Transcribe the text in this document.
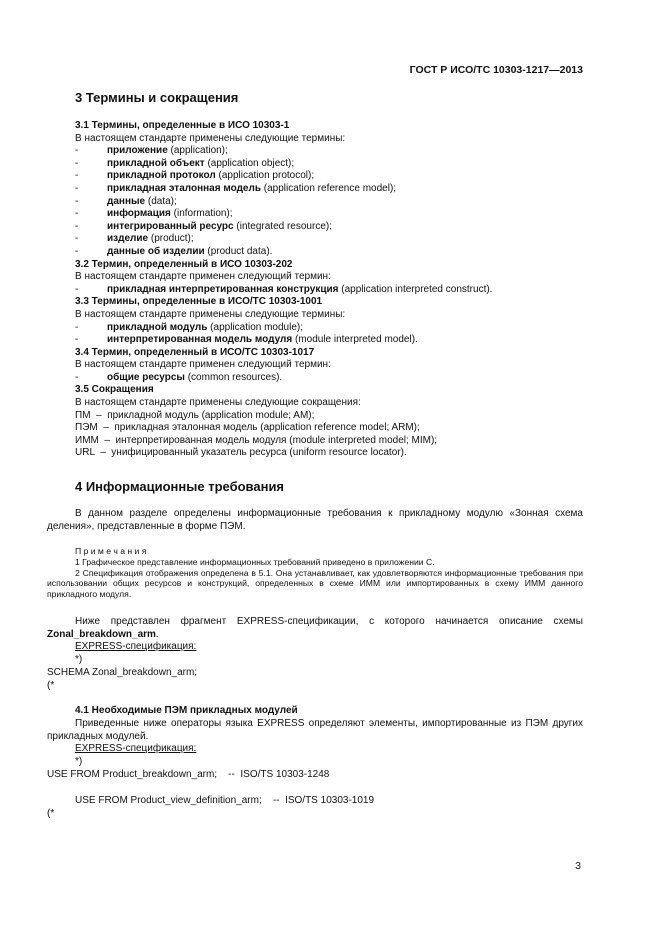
ГОСТ Р ИСО/ТС 10303-1217—2013
3 Термины и сокращения
3.1 Термины, определенные в ИСО 10303-1
В настоящем стандарте применены следующие термины:
-	приложение (application);
-	прикладной объект (application object);
-	прикладной протокол (application protocol);
-	прикладная эталонная модель (application reference model);
-	данные (data);
-	информация (information);
-	интегрированный ресурс (integrated resource);
-	изделие (product);
-	данные об изделии (product data).
3.2 Термин, определенный в ИСО 10303-202
В настоящем стандарте применен следующий термин:
-	прикладная интерпретированная конструкция (application interpreted construct).
3.3 Термины, определенные в ИСО/ТС 10303-1001
В настоящем стандарте применены следующие термины:
-	прикладной модуль (application module);
-	интерпретированная модель модуля (module interpreted model).
3.4 Термин, определенный в ИСО/ТС 10303-1017
В настоящем стандарте применен следующий термин:
-	общие ресурсы (common resources).
3.5 Сокращения
В настоящем стандарте применены следующие сокращения:
ПМ  –  прикладной модуль (application module; AM);
ПЭМ  –  прикладная эталонная модель (application reference model; ARM);
ИММ  –  интерпретированная модель модуля (module interpreted model; MIM);
URL  –  унифицированный указатель ресурса (uniform resource locator).
4 Информационные требования
В данном разделе определены информационные требования к прикладному модулю «Зонная схема деления», представленные в форме ПЭМ.
П р и м е ч а н и я
1 Графическое представление информационных требований приведено в приложении С.
2 Спецификация отображения определена в 5.1. Она устанавливает, как удовлетворяются информационные требования при использовании общих ресурсов и конструкций, определенных в схеме ИММ или импортированных в схему ИММ данного прикладного модуля.
Ниже представлен фрагмент EXPRESS-спецификации, с которого начинается описание схемы Zonal_breakdown_arm.
EXPRESS-спецификация:
*)
SCHEMA Zonal_breakdown_arm;
(*
4.1 Необходимые ПЭМ прикладных модулей
Приведенные ниже операторы языка EXPRESS определяют элементы, импортированные из ПЭМ других прикладных модулей.
EXPRESS-спецификация:
*)
USE FROM Product_breakdown_arm;    --  ISO/TS 10303-1248
USE FROM Product_view_definition_arm;    --  ISO/TS 10303-1019
(*
3
